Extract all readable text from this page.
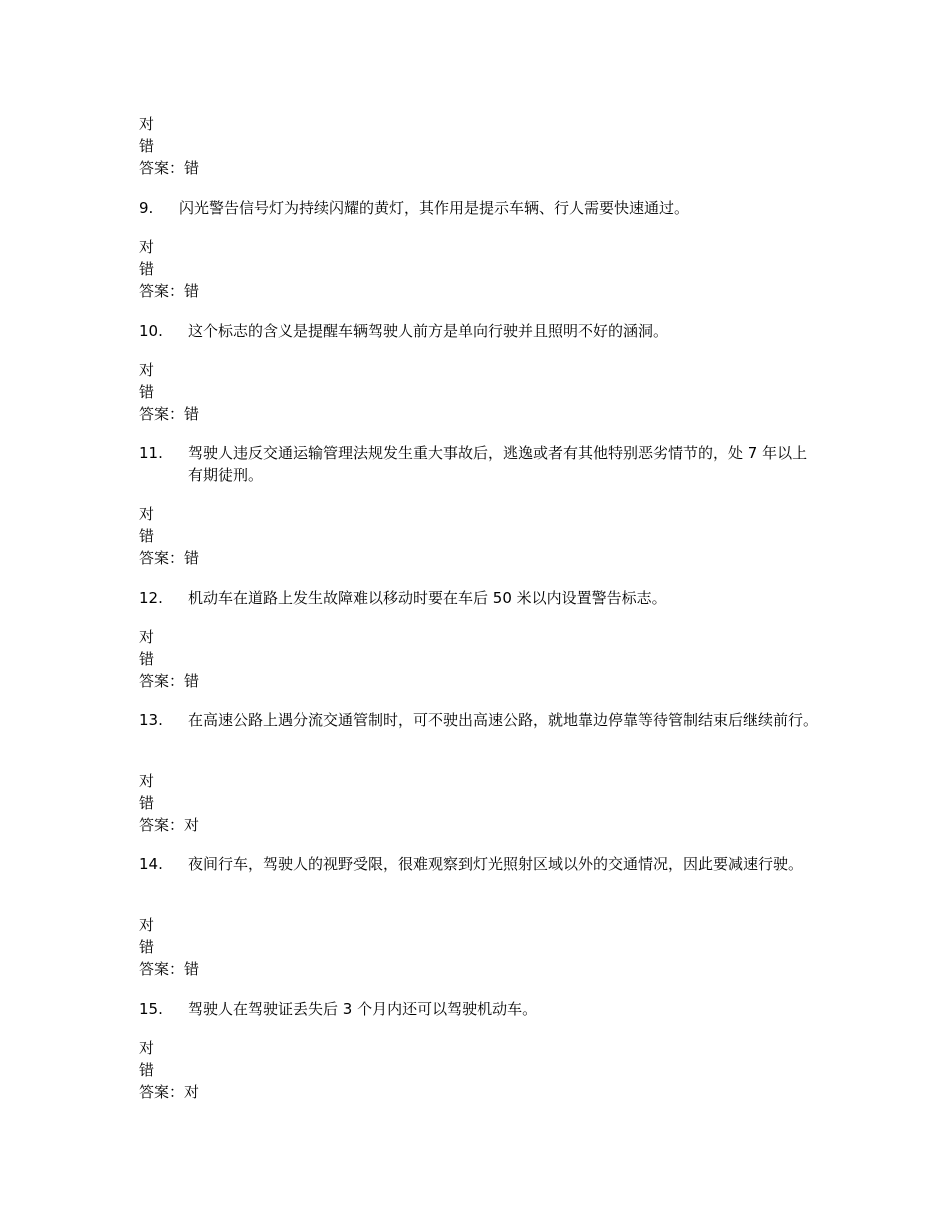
对
错
答案：错
9. 闪光警告信号灯为持续闪耀的黄灯，其作用是提示车辆、行人需要快速通过。
对
错
答案：错
10. 这个标志的含义是提醒车辆驾驶人前方是单向行驶并且照明不好的涵洞。
对
错
答案：错
11. 驾驶人违反交通运输管理法规发生重大事故后，逃逸或者有其他特别恶劣情节的，处 7 年以上有期徒刑。
对
错
答案：错
12. 机动车在道路上发生故障难以移动时要在车后 50 米以内设置警告标志。
对
错
答案：错
13. 在高速公路上遇分流交通管制时，可不驶出高速公路，就地靠边停靠等待管制结束后继续前行。
对
错
答案：对
14. 夜间行车，驾驶人的视野受限，很难观察到灯光照射区域以外的交通情况，因此要减速行驶。
对
错
答案：错
15. 驾驶人在驾驶证丢失后 3 个月内还可以驾驶机动车。
对
错
答案：对
